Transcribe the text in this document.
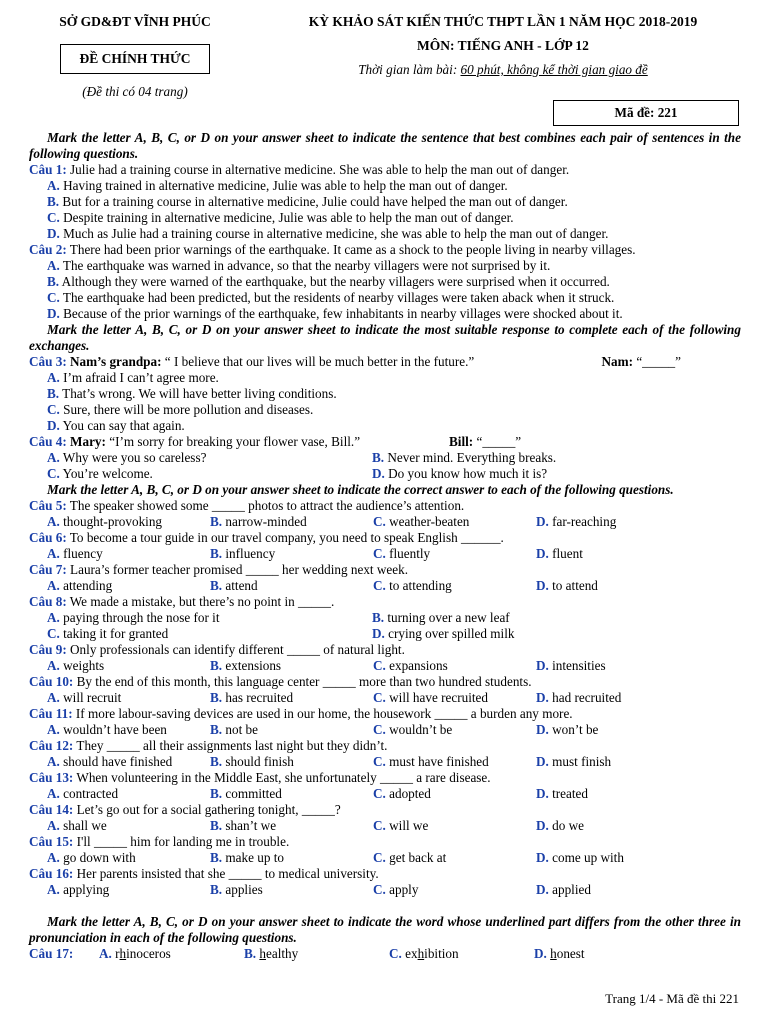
SỞ GD&ĐT VĨNH PHÚC
ĐỀ CHÍNH THỨC
(Đề thi có 04 trang)
KỲ KHẢO SÁT KIẾN THỨC THPT LẦN 1 NĂM HỌC 2018-2019
MÔN: TIẾNG ANH - LỚP 12
Thời gian làm bài: 60 phút, không kể thời gian giao đề
Mã đề: 221
Mark the letter A, B, C, or D on your answer sheet to indicate the sentence that best combines each pair of sentences in the following questions.
Câu 1: Julie had a training course in alternative medicine. She was able to help the man out of danger.
A. Having trained in alternative medicine, Julie was able to help the man out of danger.
B. But for a training course in alternative medicine, Julie could have helped the man out of danger.
C. Despite training in alternative medicine, Julie was able to help the man out of danger.
D. Much as Julie had a training course in alternative medicine, she was able to help the man out of danger.
Câu 2: There had been prior warnings of the earthquake. It came as a shock to the people living in nearby villages.
A. The earthquake was warned in advance, so that the nearby villagers were not surprised by it.
B. Although they were warned of the earthquake, but the nearby villagers were surprised when it occurred.
C. The earthquake had been predicted, but the residents of nearby villages were taken aback when it struck.
D. Because of the prior warnings of the earthquake, few inhabitants in nearby villages were shocked about it.
Mark the letter A, B, C, or D on your answer sheet to indicate the most suitable response to complete each of the following exchanges.
Câu 3: Nam’s grandpa: “ I believe that our lives will be much better in the future.”	Nam: “_____”
A. I’m afraid I can’t agree more.
B. That’s wrong. We will have better living conditions.
C. Sure, there will be more pollution and diseases.
D. You can say that again.
Câu 4: Mary: “I’m sorry for breaking your flower vase, Bill.”	Bill: “_____”
A. Why were you so careless?	B. Never mind. Everything breaks.
C. You’re welcome.	D. Do you know how much it is?
Mark the letter A, B, C, or D on your answer sheet to indicate the correct answer to each of the following questions.
Câu 5: The speaker showed some _____ photos to attract the audience’s attention.
A. thought-provoking	B. narrow-minded	C. weather-beaten	D. far-reaching
Câu 6: To become a tour guide in our travel company, you need to speak English ______.
A. fluency	B. influency	C. fluently	D. fluent
Câu 7: Laura’s former teacher promised _____ her wedding next week.
A. attending	B. attend	C. to attending	D. to attend
Câu 8: We made a mistake, but there’s no point in _____.
A. paying through the nose for it	B. turning over a new leaf
C. taking it for granted	D. crying over spilled milk
Câu 9: Only professionals can identify different _____ of natural light.
A. weights	B. extensions	C. expansions	D. intensities
Câu 10: By the end of this month, this language center _____ more than two hundred students.
A. will recruit	B. has recruited	C. will have recruited	D. had recruited
Câu 11: If more labour-saving devices are used in our home, the housework _____ a burden any more.
A. wouldn’t have been	B. not be	C. wouldn’t be	D. won’t be
Câu 12: They _____ all their assignments last night but they didn’t.
A. should have finished	B. should finish	C. must have finished	D. must finish
Câu 13: When volunteering in the Middle East, she unfortunately _____ a rare disease.
A. contracted	B. committed	C. adopted	D. treated
Câu 14: Let’s go out for a social gathering tonight, _____?
A. shall we	B. shan’t we	C. will we	D. do we
Câu 15: I'll _____ him for landing me in trouble.
A. go down with	B. make up to	C. get back at	D. come up with
Câu 16: Her parents insisted that she _____ to medical university.
A. applying	B. applies	C. apply	D. applied
Mark the letter A, B, C, or D on your answer sheet to indicate the word whose underlined part differs from the other three in pronunciation in each of the following questions.
Câu 17:	A. rhinoceros	B. healthy	C. exhibition	D. honest
Trang 1/4 - Mã đề thi 221
